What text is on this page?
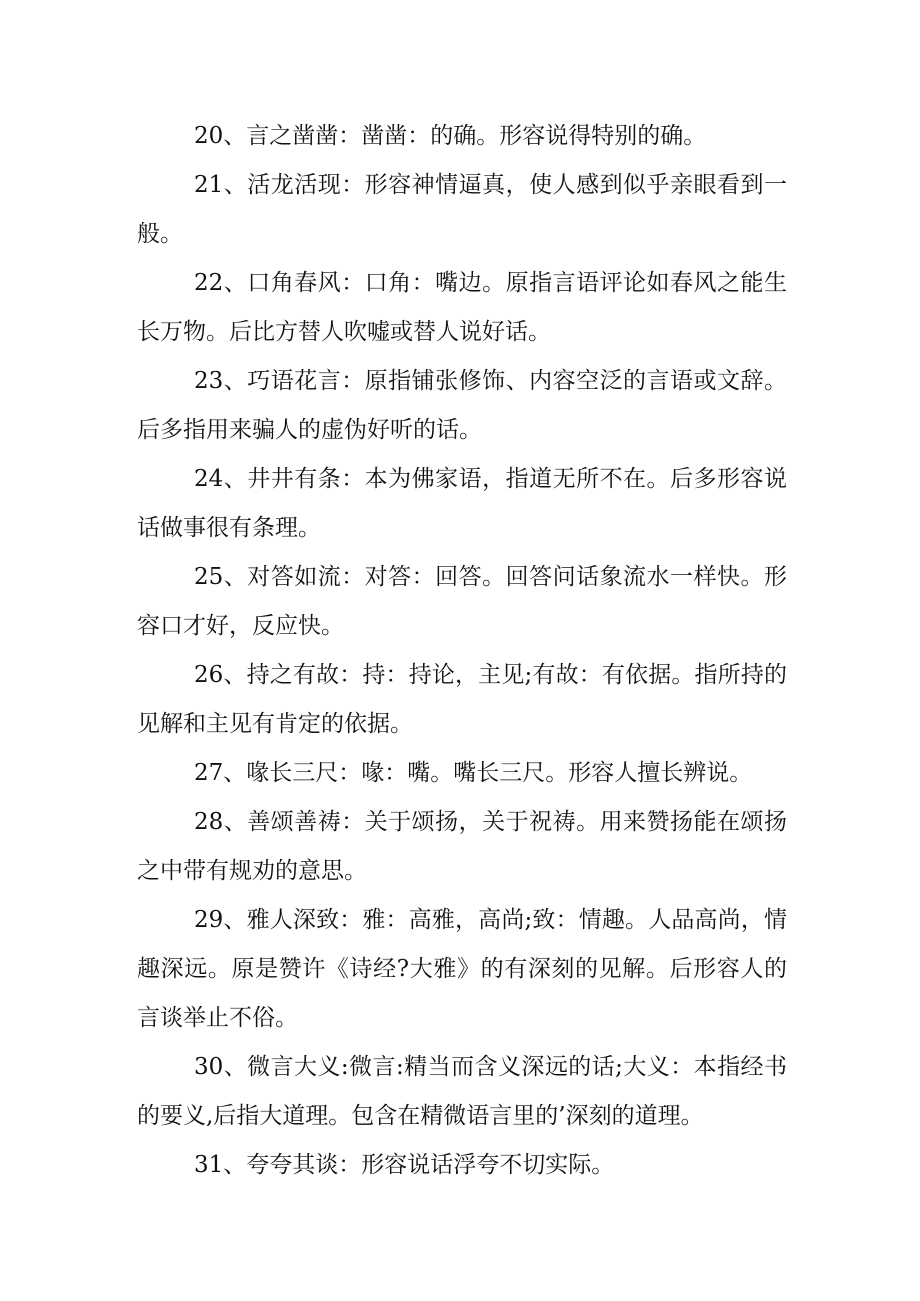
20、言之凿凿：凿凿：的确。形容说得特别的确。

21、活龙活现：形容神情逼真，使人感到似乎亲眼看到一般。

22、口角春风：口角：嘴边。原指言语评论如春风之能生长万物。后比方替人吹嘘或替人说好话。

23、巧语花言：原指铺张修饰、内容空泛的言语或文辞。后多指用来骗人的虚伪好听的话。

24、井井有条：本为佛家语，指道无所不在。后多形容说话做事很有条理。

25、对答如流：对答：回答。回答问话象流水一样快。形容口才好，反应快。

26、持之有故：持：持论，主见;有故：有依据。指所持的见解和主见有肯定的依据。

27、喙长三尺：喙：嘴。嘴长三尺。形容人擅长辨说。

28、善颂善祷：关于颂扬，关于祝祷。用来赞扬能在颂扬之中带有规劝的意思。

29、雅人深致：雅：高雅，高尚;致：情趣。人品高尚，情趣深远。原是赞许《诗经?大雅》的有深刻的见解。后形容人的言谈举止不俗。

30、微言大义:微言:精当而含义深远的话;大义：本指经书的要义,后指大道理。包含在精微语言里的’深刻的道理。

31、夸夸其谈：形容说话浮夸不切实际。
